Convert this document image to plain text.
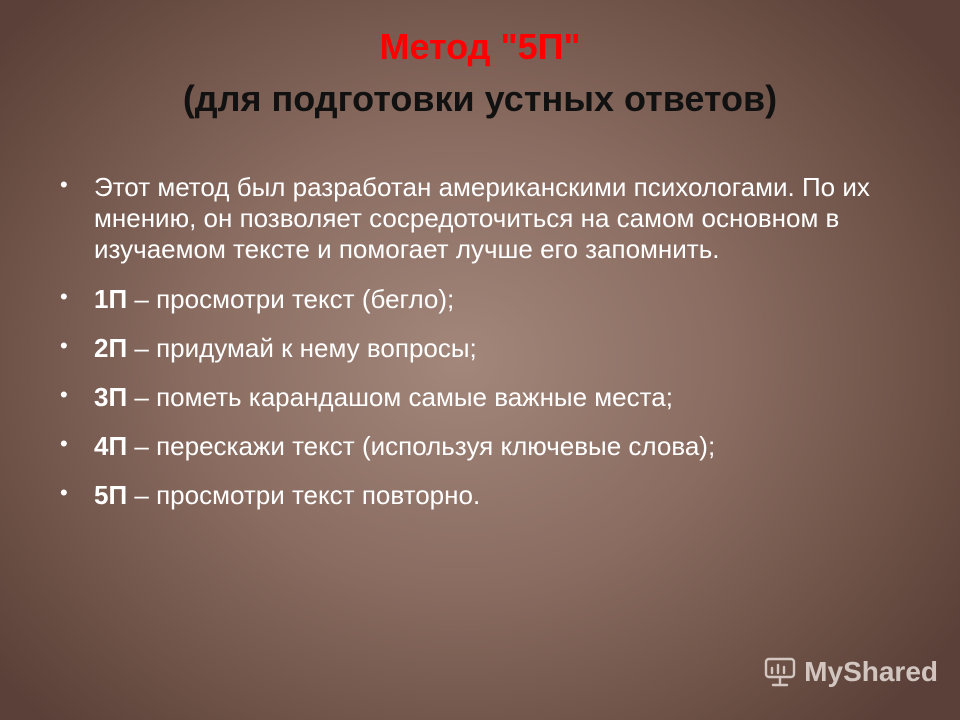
Метод "5П"
(для подготовки устных ответов)
• Этот метод был разработан американскими психологами. По их мнению, он позволяет сосредоточиться на самом основном в изучаемом тексте и помогает лучше его запомнить.
• 1П – просмотри текст (бегло);
• 2П – придумай к нему вопросы;
• 3П – пометь карандашом самые важные места;
• 4П – перескажи текст (используя ключевые слова);
• 5П – просмотри текст повторно.
MyShared
